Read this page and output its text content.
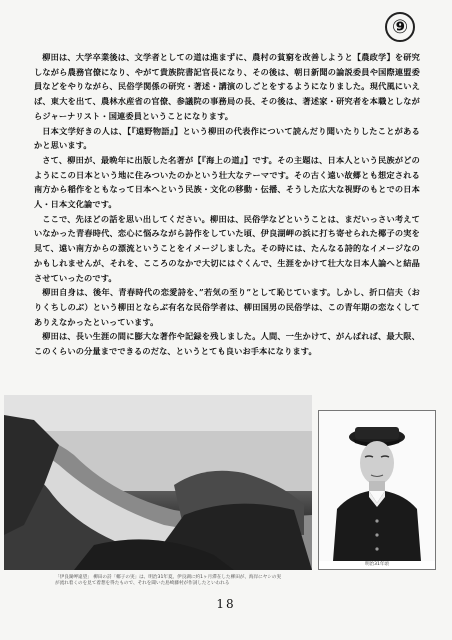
⑨

柳田は、大学卒業後は、文学者としての道は進まずに、農村の貧窮を改善しようと【農政学】を研究しながら農務官僚になり、やがて貴族院書記官長になり、その後は、朝日新聞の論説委員や国際連盟委員などをやりながら、民俗学関係の研究・著述・講演のしごとをするようになりました。現代風にいえば、東大を出て、農林水産省の官僚、参議院の事務局の長、その後は、著述家・研究者を本職としながらジャーナリスト・国連委員ということになります。

日本文学好きの人は、【『遠野物語』】という柳田の代表作について読んだり聞いたりしたことがあるかと思います。

さて、柳田が、最晩年に出版した名著が【『海上の道』】です。その主題は、日本人という民族がどのようにこの日本という地に住みついたのかという壮大なテーマです。その古く遠い故郷とも想定される南方から稲作をともなって日本へという民族・文化の移動・伝播、そうした広大な視野のもとでの日本人・日本文化論です。

ここで、先ほどの話を思い出してください。柳田は、民俗学などということは、まだいっさい考えていなかった青春時代、恋心に悩みながら詩作をしていた頃、伊良湖岬の浜に打ち寄せられた椰子の実を見て、遠い南方からの漂流ということをイメージしました。その時には、たんなる詩的なイメージなのかもしれませんが、それを、こころのなかで大切にはぐくんで、生涯をかけて壮大な日本人論へと結晶させていったのです。

柳田自身は、後年、青春時代の恋愛詩を、”若気の至り”として恥じています。しかし、折口信夫（おりくちしのぶ）という柳田とならぶ有名な民俗学者は、柳田国男の民俗学は、この青年期の恋なくしてありえなかったといっています。

柳田は、長い生涯の間に膨大な著作や記録を残しました。人間、一生かけて、がんばれば、最大限、このくらいの分量までできるのだな、というとても良いお手本になります。

「伊良湖岬遠望」 柳田の詩「椰子の実」は、明治31年夏、伊良湖に約1ヶ月滞在した柳田が、海岸にヤシの実が流れ着くのを見て着想を得たもので、それを聞いた島崎藤村が作詞したといわれる
明治31年頃
18
